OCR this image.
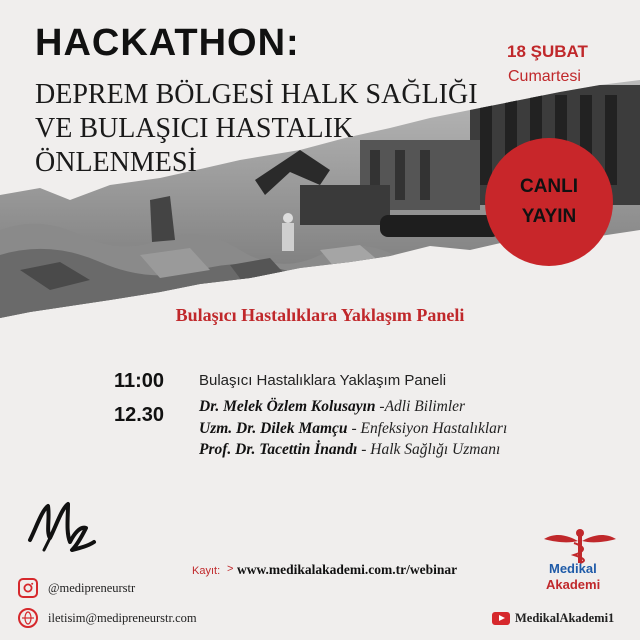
HACKATHON:
DEPREM BÖLGESİ HALK SAĞLIĞI
VE BULAŞICI HASTALIK
ÖNLENMESİ
18 ŞUBAT
Cumartesi
CANLI
YAYIN
Bulaşıcı Hastalıklara Yaklaşım Paneli
11:00
12.30
Bulaşıcı Hastalıklara Yaklaşım Paneli
Dr. Melek Özlem Kolusayın -Adli Bilimler
Uzm. Dr. Dilek Mamçu - Enfeksiyon Hastalıkları
Prof. Dr. Tacettin İnandı - Halk Sağlığı Uzmanı
Kayıt: > www.medikalakademi.com.tr/webinar
@medipreneurstr
iletisim@medipreneurstr.com
Medikal
Akademi
MedikalAkademi1
